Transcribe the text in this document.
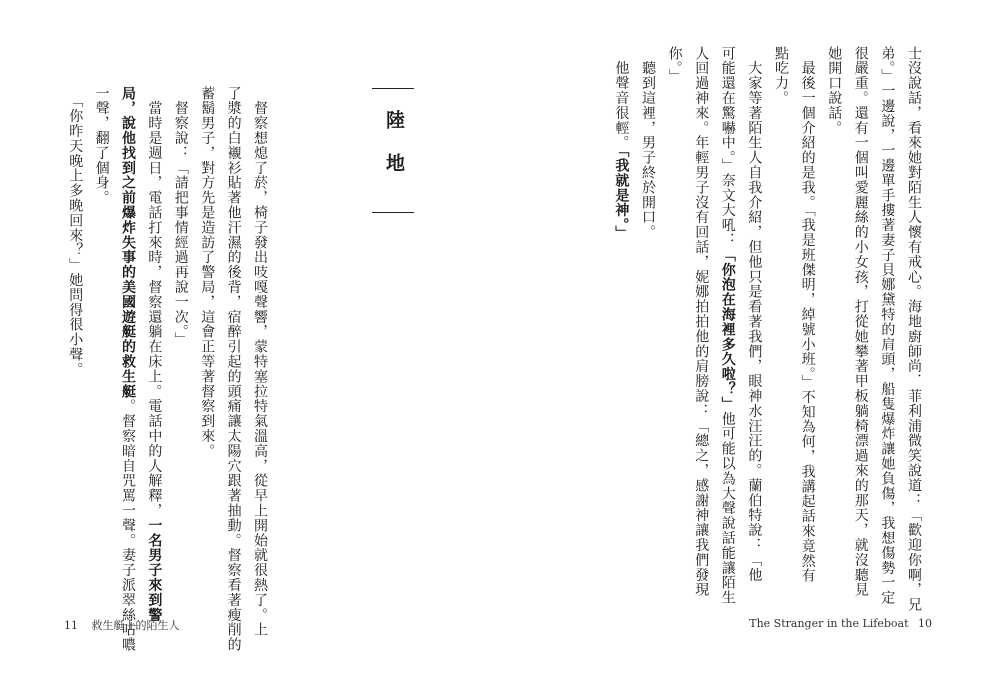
陸地
　督察想熄了菸，椅子發出吱嘎聲響，蒙特塞拉特氣溫高，從早上開始就很熱了。上
了漿的白襯衫貼著他汗濕的後背，宿醉引起的頭痛讓太陽穴跟著抽動。督察看著瘦削的
蓄鬍男子，對方先是造訪了警局，這會正等著督察到來。
　督察說：「請把事情經過再說一次。」
　當時是週日，電話打來時，督察還躺在床上。電話中的人解釋，一名男子來到警
局，說他找到之前爆炸失事的美國遊艇的救生艇。督察暗自咒罵一聲。妻子派翠絲咕噥
一聲，翻了個身。
　「你昨天晚上多晚回來？」她問得很小聲。
11 救生艇上的陌生人
士沒說話，看來她對陌生人懷有戒心。海地廚師尚．菲利浦微笑說道：「歡迎你啊，兄
弟。」一邊說，一邊單手摟著妻子貝娜黛特的肩頭，船隻爆炸讓她負傷，我想傷勢一定
很嚴重。還有一個叫愛麗絲的小女孩，打從她攀著甲板躺椅漂過來的那天，就沒聽見
她開口說話。
　最後一個介紹的是我。「我是班傑明，綽號小班。」不知為何，我講起話來竟然有
點吃力。
　大家等著陌生人自我介紹，但他只是看著我們，眼神水汪汪的。蘭伯特說：「他
可能還在驚嚇中。」奈文大吼：「你泡在海裡多久啦？」他可能以為大聲說話能讓陌生
人回過神來。年輕男子沒有回話，妮娜拍拍他的肩膀說：「總之，感謝神讓我們發現
你。」
　聽到這裡，男子終於開口。
　他聲音很輕。「我就是神。」
The Stranger in the Lifeboat 10
